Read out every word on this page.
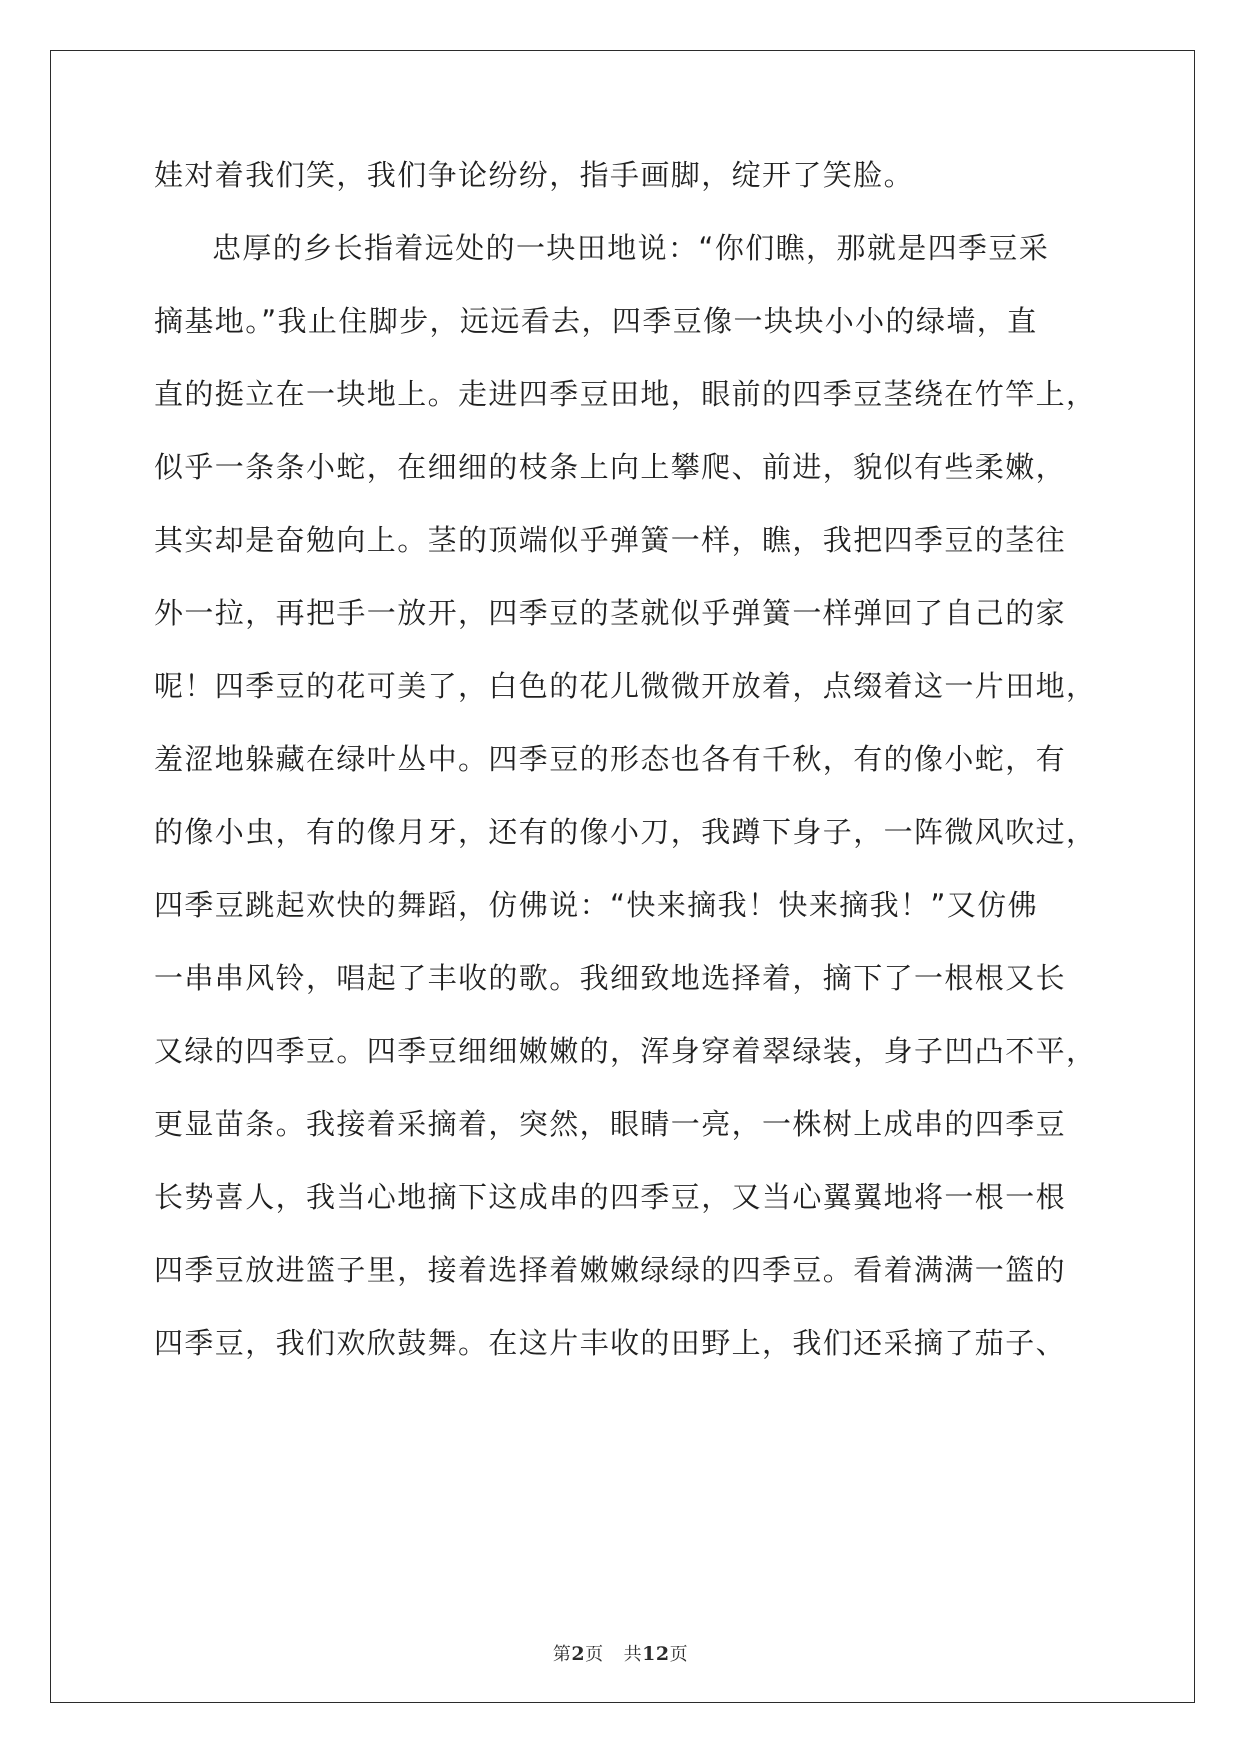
娃对着我们笑，我们争论纷纷，指手画脚，绽开了笑脸。
忠厚的乡长指着远处的一块田地说：“你们瞧，那就是四季豆采
摘基地。”我止住脚步，远远看去，四季豆像一块块小小的绿墙，直
直的挺立在一块地上。走进四季豆田地，眼前的四季豆茎绕在竹竿上，
似乎一条条小蛇，在细细的枝条上向上攀爬、前进，貌似有些柔嫩，
其实却是奋勉向上。茎的顶端似乎弹簧一样，瞧，我把四季豆的茎往
外一拉，再把手一放开，四季豆的茎就似乎弹簧一样弹回了自己的家
呢！四季豆的花可美了，白色的花儿微微开放着，点缀着这一片田地，
羞涩地躲藏在绿叶丛中。四季豆的形态也各有千秋，有的像小蛇，有
的像小虫，有的像月牙，还有的像小刀，我蹲下身子，一阵微风吹过，
四季豆跳起欢快的舞蹈，仿佛说：“快来摘我！快来摘我！”又仿佛
一串串风铃，唱起了丰收的歌。我细致地选择着，摘下了一根根又长
又绿的四季豆。四季豆细细嫩嫩的，浑身穿着翠绿装，身子凹凸不平，
更显苗条。我接着采摘着，突然，眼睛一亮，一株树上成串的四季豆
长势喜人，我当心地摘下这成串的四季豆，又当心翼翼地将一根一根
四季豆放进篮子里，接着选择着嫩嫩绿绿的四季豆。看着满满一篮的
四季豆，我们欢欣鼓舞。在这片丰收的田野上，我们还采摘了茄子、
第2页 共12页
